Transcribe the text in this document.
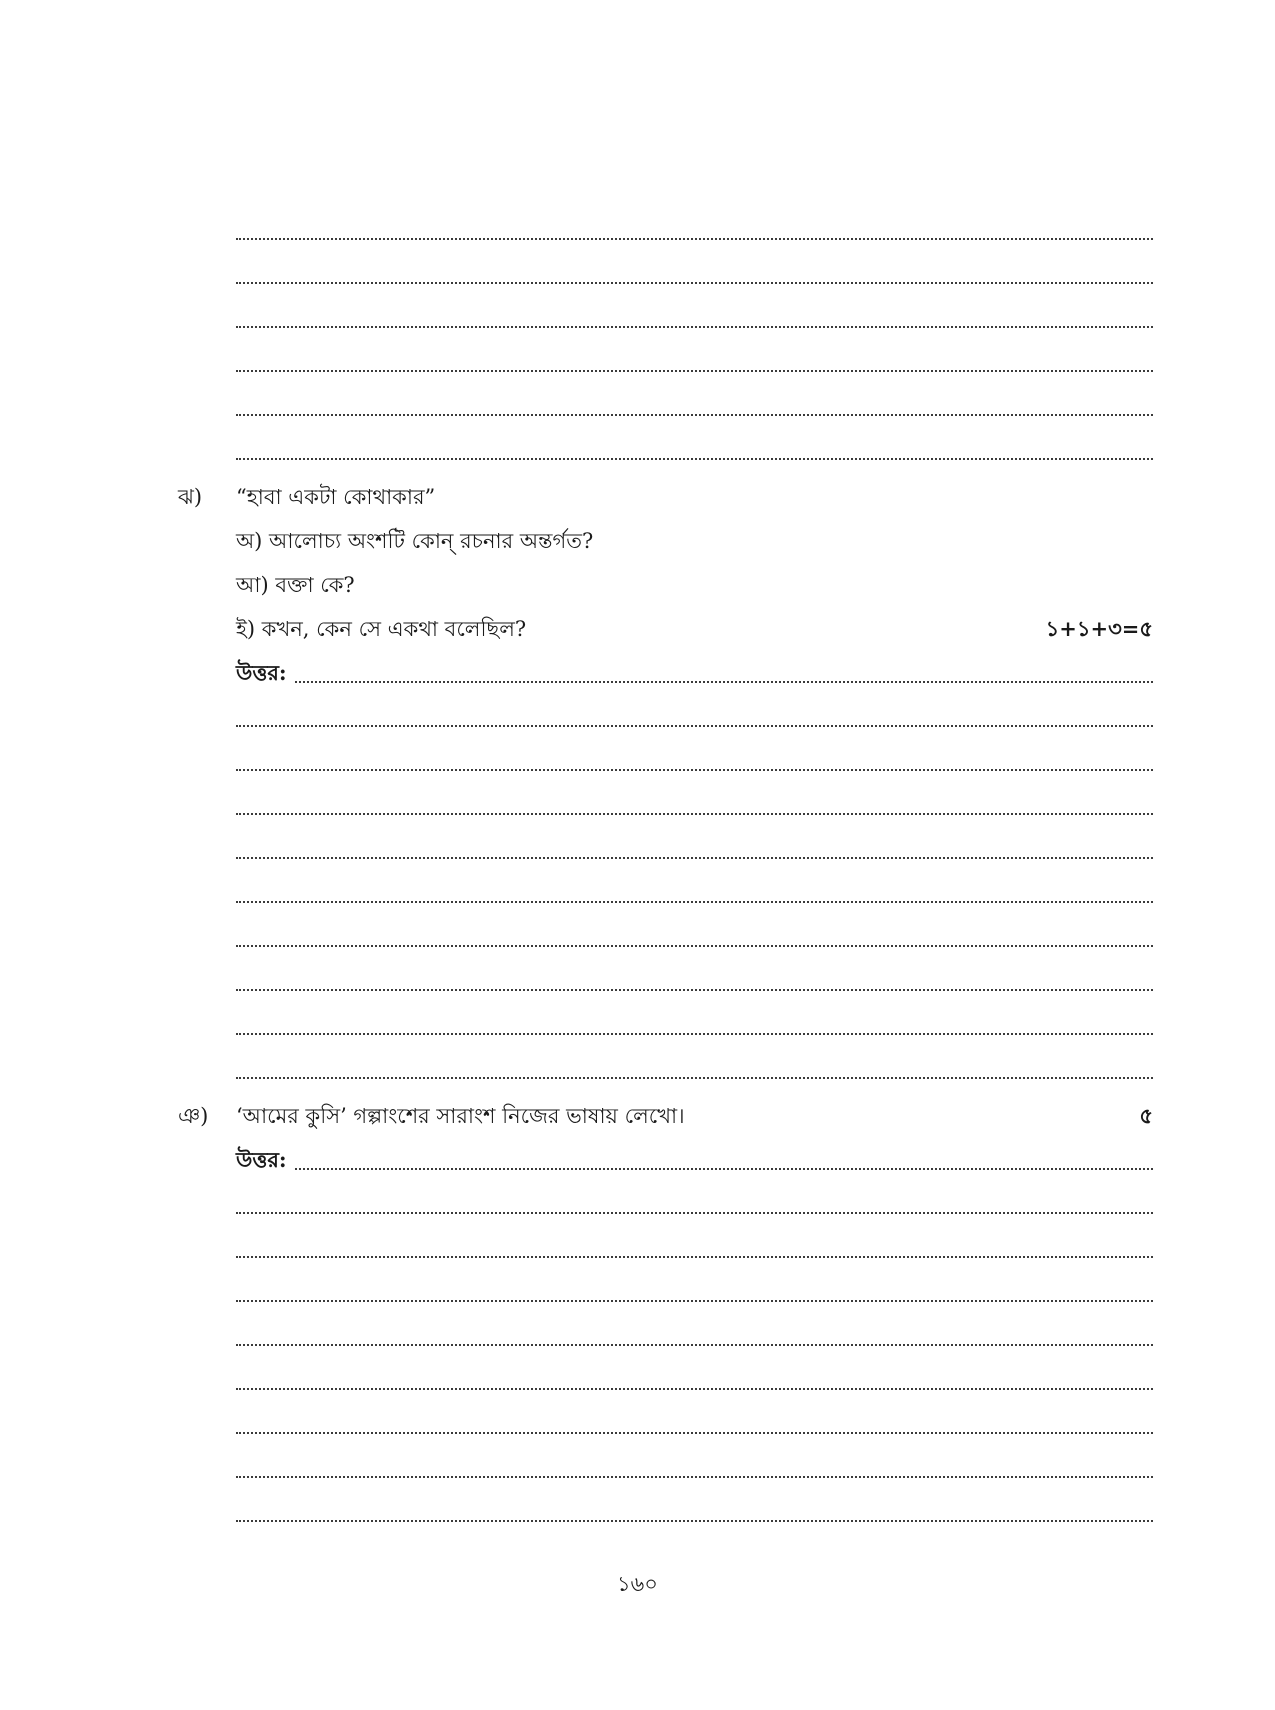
ঝ) “হাবা একটা কোথাকার”
অ) আলোচ্য অংশটি কোন্ রচনার অন্তর্গত?
আ) বক্তা কে?
ই) কখন, কেন সে একথা বলেছিল?	১+১+৩=৫
উত্তর:
ঞ) ‘আমের কুসি’ গল্পাংশের সারাংশ নিজের ভাষায় লেখো।	৫
উত্তর:
১৬০
